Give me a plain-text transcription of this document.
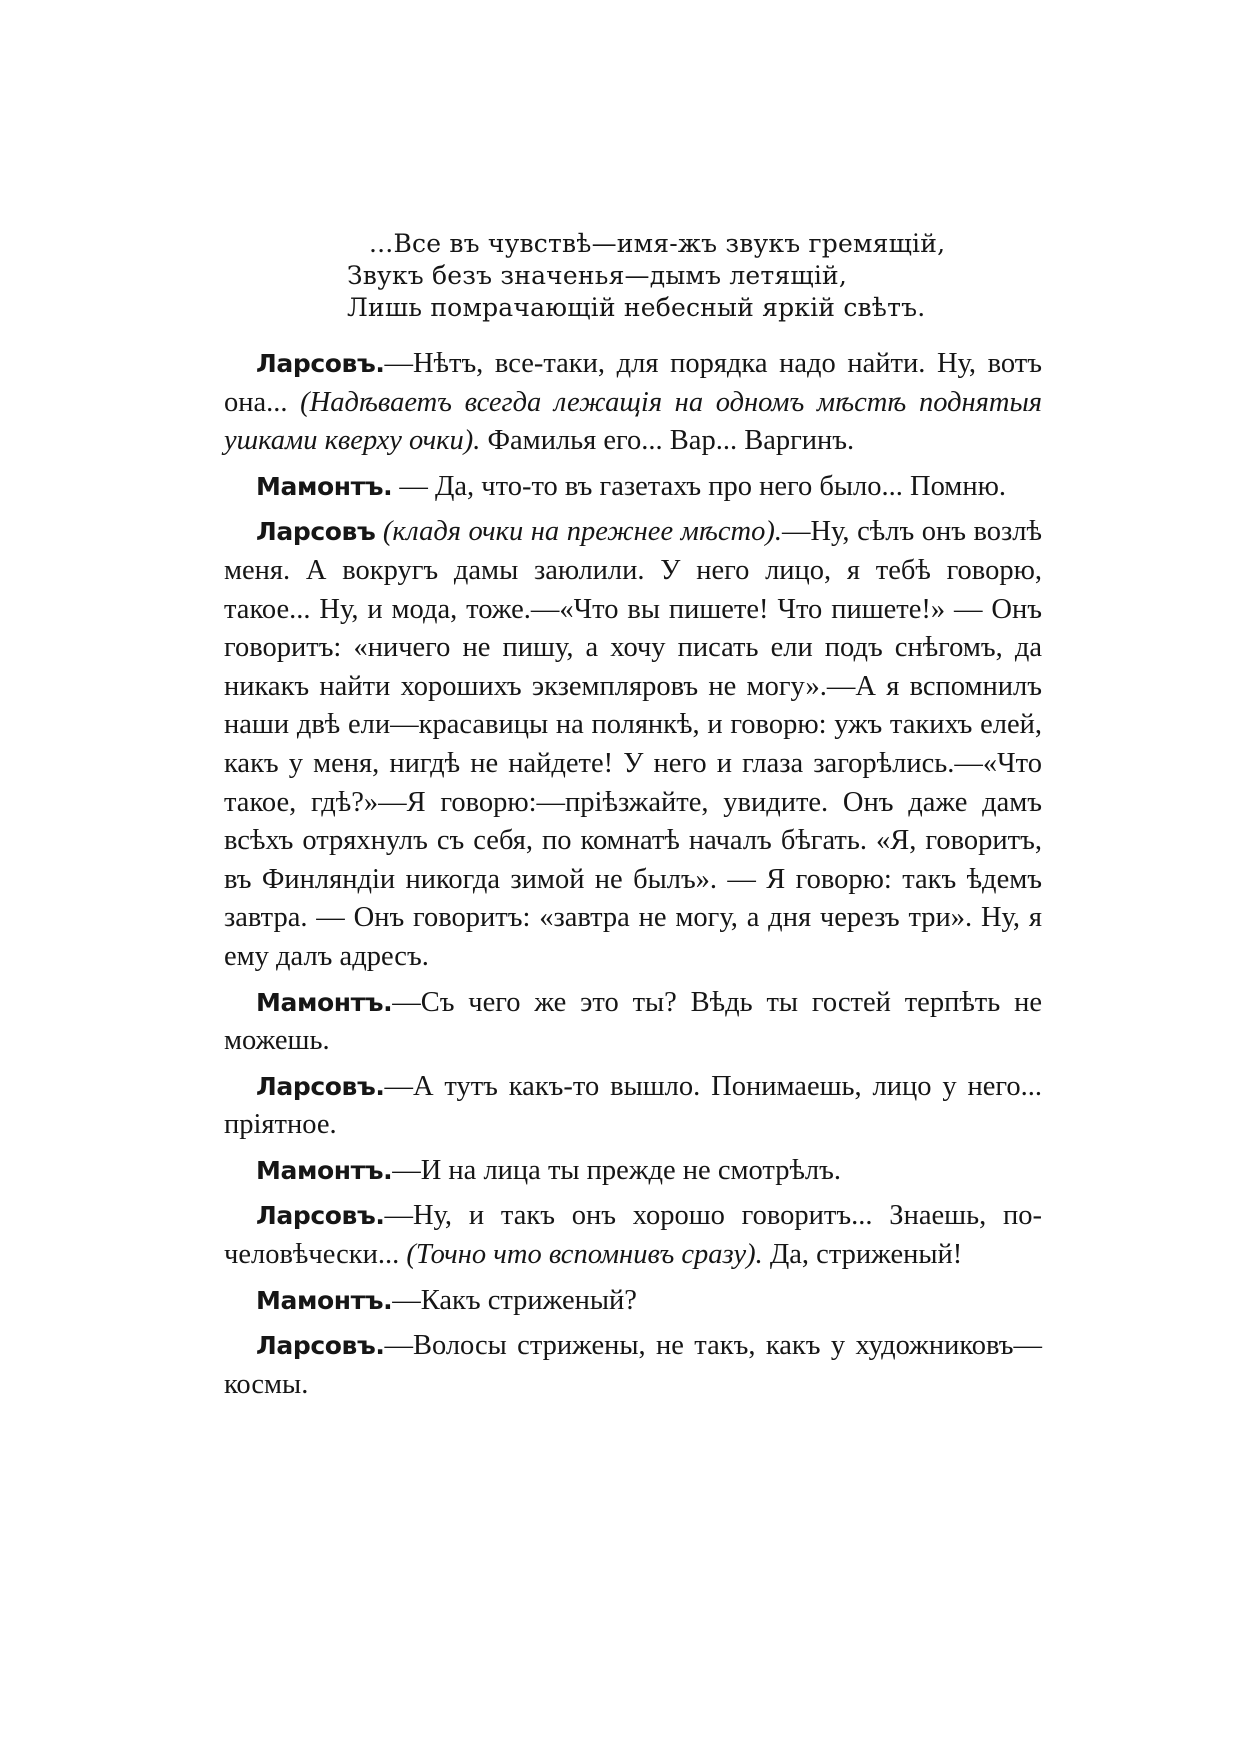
...Все въ чувствѣ—имя-жъ звукъ гремящій,
Звукъ безъ значенья—дымъ летящій,
Лишь помрачающій небесный яркій свѣтъ.

Ларсовъ.—Нѣтъ, все-таки, для порядка надо найти. Ну, вотъ она... (Надѣваетъ всегда лежащія на одномъ мѣстѣ поднятыя ушками кверху очки). Фамилья его... Вар... Варгинъ.

Мамонтъ. — Да, что-то въ газетахъ про него было... Помню.

Ларсовъ (кладя очки на прежнее мѣсто).—Ну, сѣлъ онъ возлѣ меня. А вокругъ дамы заюлили. У него лицо, я тебѣ говорю, такое... Ну, и мода, тоже.—«Что вы пишете! Что пишете!» — Онъ говоритъ: «ничего не пишу, а хочу писать ели подъ снѣгомъ, да никакъ найти хорошихъ экземпляровъ не могу».—А я вспомнилъ наши двѣ ели—красавицы на полянкѣ, и говорю: ужъ такихъ елей, какъ у меня, нигдѣ не найдете! У него и глаза загорѣлись.—«Что такое, гдѣ?»—Я говорю:—пріѣзжайте, увидите. Онъ даже дамъ всѣхъ отряхнулъ съ себя, по комнатѣ началъ бѣгать. «Я, говоритъ, въ Финляндіи никогда зимой не былъ». — Я говорю: такъ ѣдемъ завтра. — Онъ говоритъ: «завтра не могу, а дня черезъ три». Ну, я ему далъ адресъ.

Мамонтъ.—Съ чего же это ты? Вѣдь ты гостей терпѣть не можешь.

Ларсовъ.—А тутъ какъ-то вышло. Понимаешь, лицо у него... пріятное.

Мамонтъ.—И на лица ты прежде не смотрѣлъ.

Ларсовъ.—Ну, и такъ онъ хорошо говоритъ... Знаешь, по-человѣчески... (Точно что вспомнивъ сразу). Да, стриженый!

Мамонтъ.—Какъ стриженый?

Ларсовъ.—Волосы стрижены, не такъ, какъ у художниковъ—космы.
